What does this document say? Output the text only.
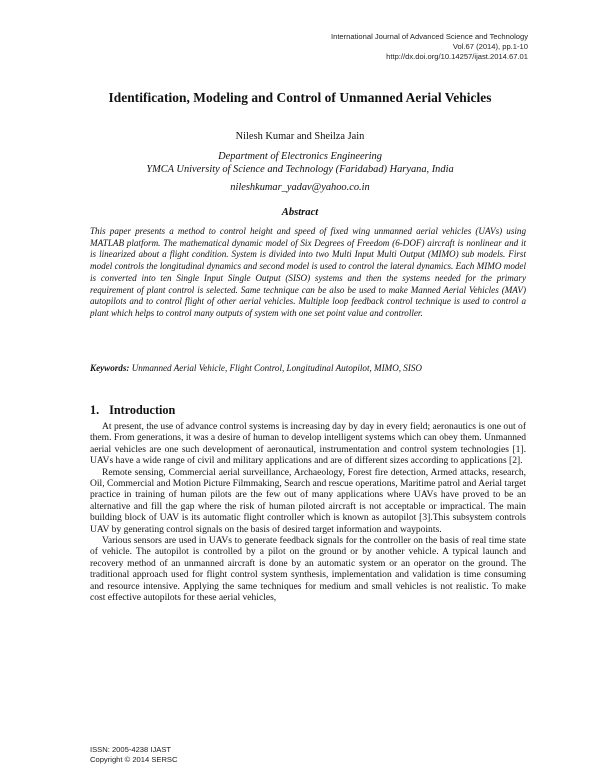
International Journal of Advanced Science and Technology
Vol.67 (2014), pp.1-10
http://dx.doi.org/10.14257/ijast.2014.67.01
Identification, Modeling and Control of Unmanned Aerial Vehicles
Nilesh Kumar and Sheilza Jain
Department of Electronics Engineering
YMCA University of Science and Technology (Faridabad) Haryana, India
nileshkumar_yadav@yahoo.co.in
Abstract
This paper presents a method to control height and speed of fixed wing unmanned aerial vehicles (UAVs) using MATLAB platform. The mathematical dynamic model of Six Degrees of Freedom (6-DOF) aircraft is nonlinear and it is linearized about a flight condition. System is divided into two Multi Input Multi Output (MIMO) sub models. First model controls the longitudinal dynamics and second model is used to control the lateral dynamics. Each MIMO model is converted into ten Single Input Single Output (SISO) systems and then the systems needed for the primary requirement of plant control is selected. Same technique can be also be used to make Manned Aerial Vehicles (MAV) autopilots and to control flight of other aerial vehicles. Multiple loop feedback control technique is used to control a plant which helps to control many outputs of system with one set point value and controller.
Keywords: Unmanned Aerial Vehicle, Flight Control, Longitudinal Autopilot, MIMO, SISO
1. Introduction

At present, the use of advance control systems is increasing day by day in every field; aeronautics is one out of them. From generations, it was a desire of human to develop intelligent systems which can obey them. Unmanned aerial vehicles are one such development of aeronautical, instrumentation and control system technologies [1]. UAVs have a wide range of civil and military applications and are of different sizes according to applications [2].

Remote sensing, Commercial aerial surveillance, Archaeology, Forest fire detection, Armed attacks, research, Oil, Commercial and Motion Picture Filmmaking, Search and rescue operations, Maritime patrol and Aerial target practice in training of human pilots are the few out of many applications where UAVs have proved to be an alternative and fill the gap where the risk of human piloted aircraft is not acceptable or impractical. The main building block of UAV is its automatic flight controller which is known as autopilot [3].This subsystem controls UAV by generating control signals on the basis of desired target information and waypoints.

Various sensors are used in UAVs to generate feedback signals for the controller on the basis of real time state of vehicle. The autopilot is controlled by a pilot on the ground or by another vehicle. A typical launch and recovery method of an unmanned aircraft is done by an automatic system or an operator on the ground. The traditional approach used for flight control system synthesis, implementation and validation is time consuming and resource intensive. Applying the same techniques for medium and small vehicles is not realistic. To make cost effective autopilots for these aerial vehicles,

ISSN: 2005-4238 IJAST
Copyright © 2014 SERSC
